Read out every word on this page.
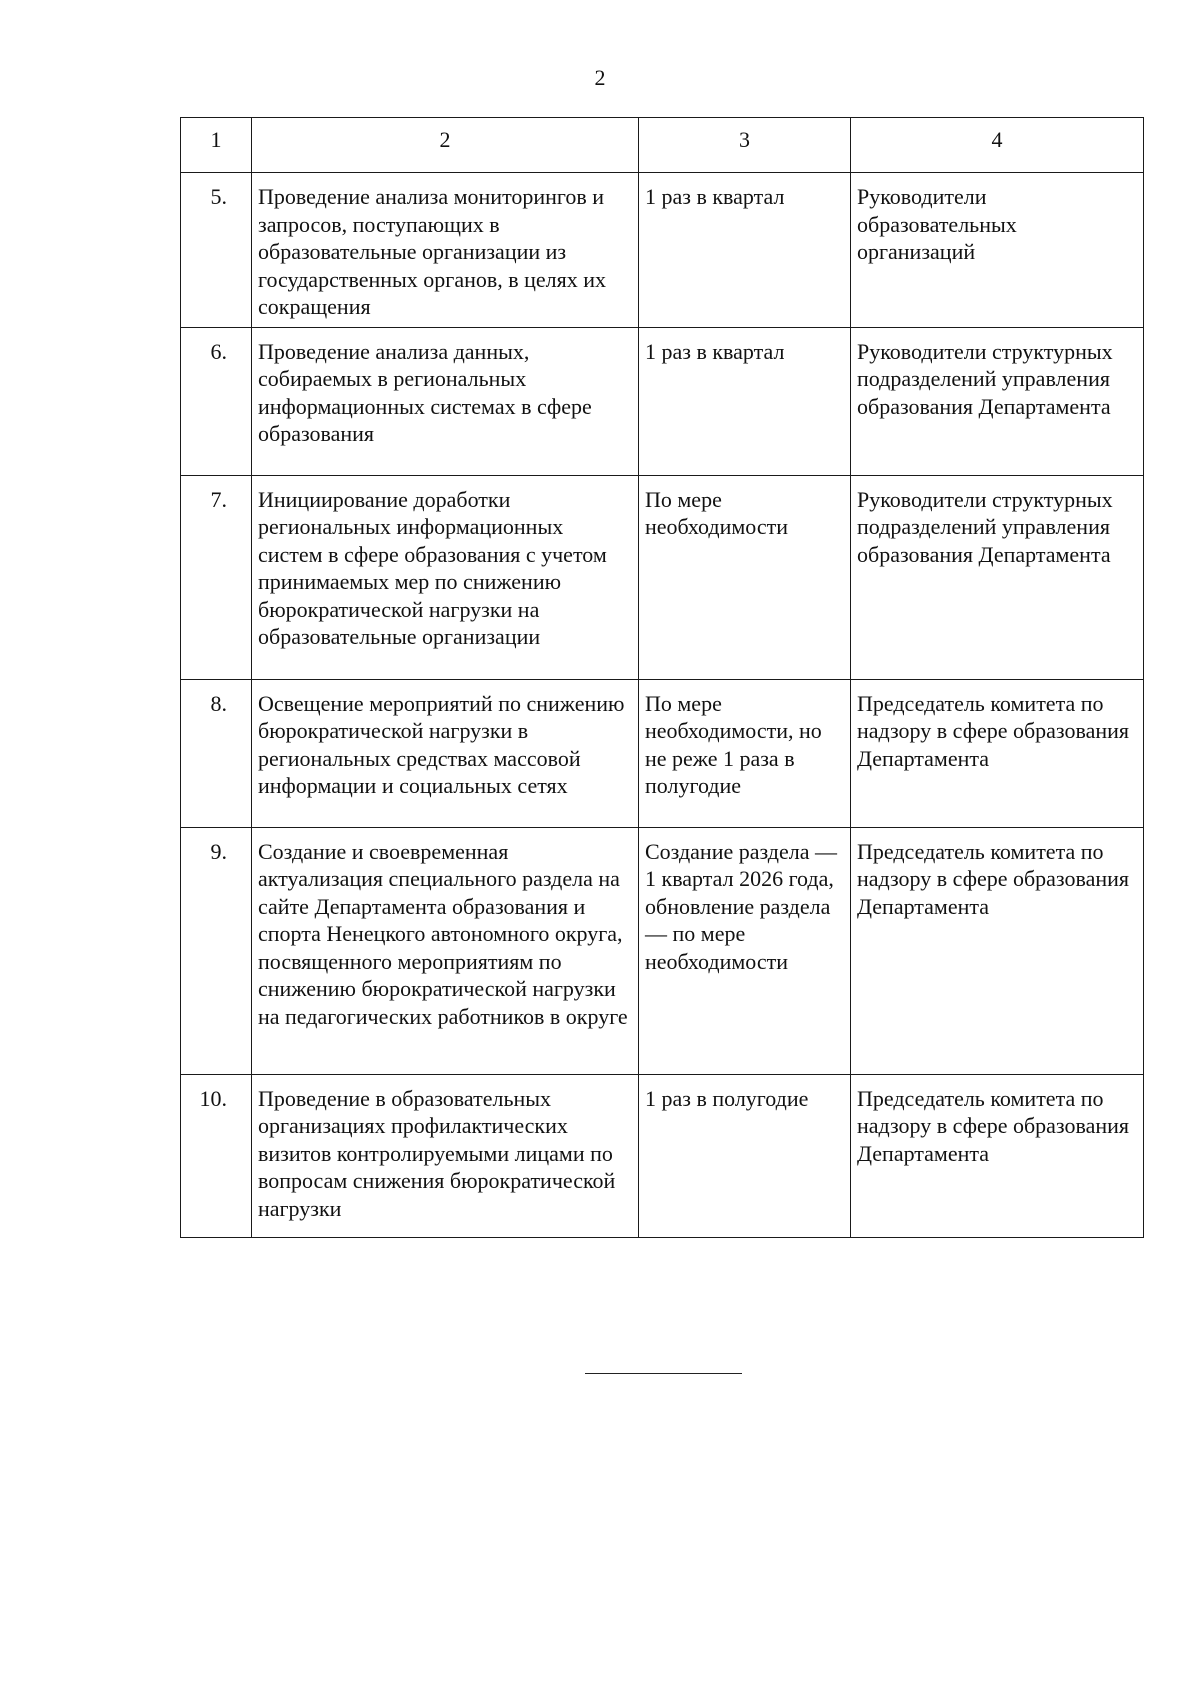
2
1	2	3	4
5.	Проведение анализа мониторингов и запросов, поступающих в образовательные организации из государственных органов, в целях их сокращения	1 раз в квартал	Руководители образовательных организаций
6.	Проведение анализа данных, собираемых в региональных информационных системах в сфере образования	1 раз в квартал	Руководители структурных подразделений управления образования Департамента
7.	Инициирование доработки региональных информационных систем в сфере образования с учетом принимаемых мер по снижению бюрократической нагрузки на образовательные организации	По мере необходимости	Руководители структурных подразделений управления образования Департамента
8.	Освещение мероприятий по снижению бюрократической нагрузки в региональных средствах массовой информации и социальных сетях	По мере необходимости, но не реже 1 раза в полугодие	Председатель комитета по надзору в сфере образования Департамента
9.	Создание и своевременная актуализация специального раздела на сайте Департамента образования и спорта Ненецкого автономного округа, посвященного мероприятиям по снижению бюрократической нагрузки на педагогических работников в округе	Создание раздела — 1 квартал 2026 года, обновление раздела — по мере необходимости	Председатель комитета по надзору в сфере образования Департамента
10.	Проведение в образовательных организациях профилактических визитов контролируемыми лицами по вопросам снижения бюрократической нагрузки	1 раз в полугодие	Председатель комитета по надзору в сфере образования Департамента
